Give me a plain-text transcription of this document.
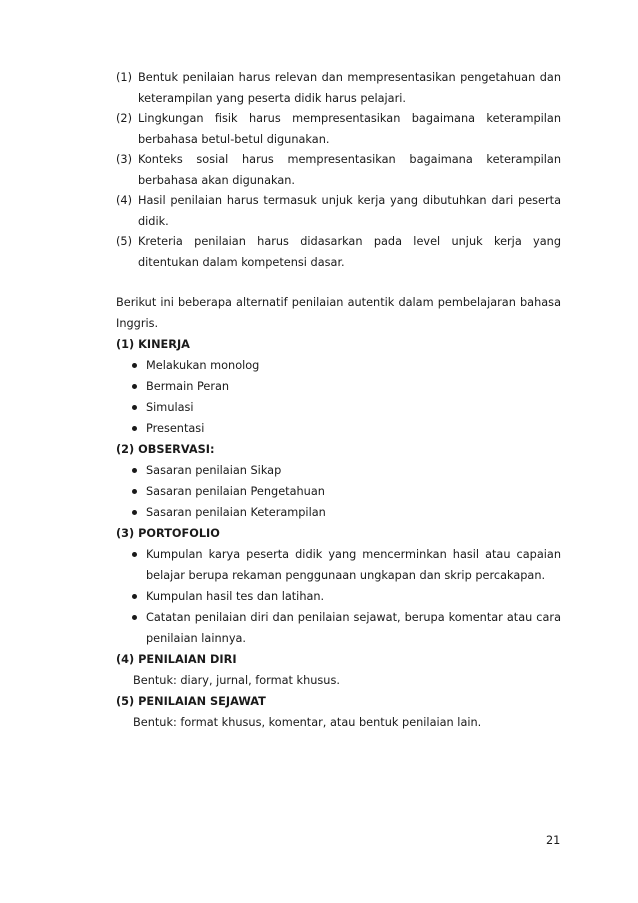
(1) Bentuk penilaian harus relevan dan mempresentasikan pengetahuan dan keterampilan yang peserta didik harus pelajari.
(2) Lingkungan fisik harus mempresentasikan bagaimana keterampilan berbahasa betul-betul digunakan.
(3) Konteks sosial harus mempresentasikan bagaimana keterampilan berbahasa akan digunakan.
(4) Hasil penilaian harus termasuk unjuk kerja yang dibutuhkan dari peserta didik.
(5) Kreteria penilaian harus didasarkan pada level unjuk kerja yang ditentukan dalam kompetensi dasar.
Berikut ini beberapa alternatif penilaian autentik dalam pembelajaran bahasa Inggris.
(1) KINERJA
Melakukan monolog
Bermain Peran
Simulasi
Presentasi
(2) OBSERVASI:
Sasaran penilaian Sikap
Sasaran penilaian Pengetahuan
Sasaran penilaian Keterampilan
(3) PORTOFOLIO
Kumpulan karya peserta didik yang mencerminkan hasil atau capaian belajar berupa rekaman penggunaan ungkapan dan skrip percakapan.
Kumpulan hasil tes dan latihan.
Catatan penilaian diri dan penilaian sejawat, berupa komentar atau cara penilaian lainnya.
(4) PENILAIAN DIRI
Bentuk: diary, jurnal, format khusus.
(5) PENILAIAN SEJAWAT
Bentuk: format khusus, komentar, atau bentuk penilaian lain.
21
